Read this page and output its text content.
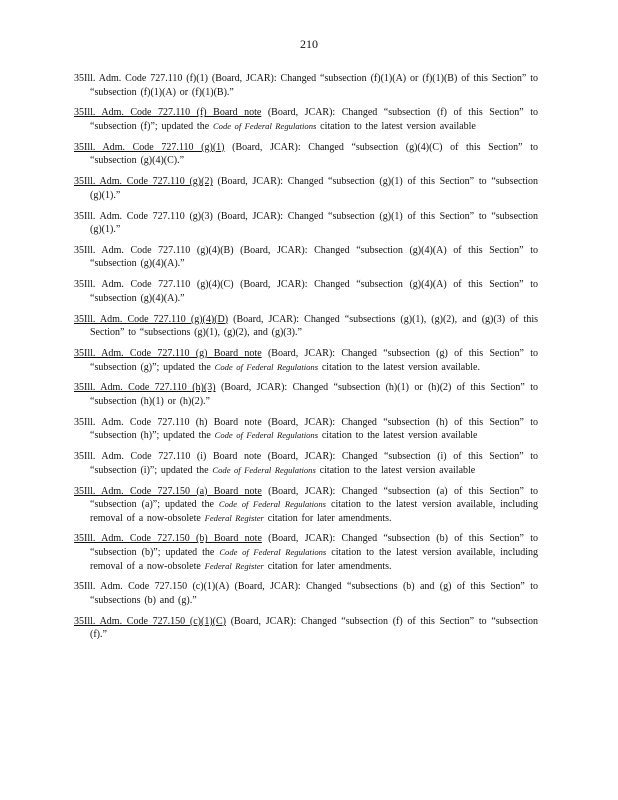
210

35Ill. Adm. Code 727.110 (f)(1) (Board, JCAR): Changed “subsection (f)(1)(A) or (f)(1)(B) of this Section” to “subsection (f)(1)(A) or (f)(1)(B).”

35Ill. Adm. Code 727.110 (f) Board note (Board, JCAR): Changed “subsection (f) of this Section” to “subsection (f)”; updated the Code of Federal Regulations citation to the latest version available

35Ill. Adm. Code 727.110 (g)(1) (Board, JCAR): Changed “subsection (g)(4)(C) of this Section” to “subsection (g)(4)(C).”

35Ill. Adm. Code 727.110 (g)(2) (Board, JCAR): Changed “subsection (g)(1) of this Section” to “subsection (g)(1).”

35Ill. Adm. Code 727.110 (g)(3) (Board, JCAR): Changed “subsection (g)(1) of this Section” to “subsection (g)(1).”

35Ill. Adm. Code 727.110 (g)(4)(B) (Board, JCAR): Changed “subsection (g)(4)(A) of this Section” to “subsection (g)(4)(A).”

35Ill. Adm. Code 727.110 (g)(4)(C) (Board, JCAR): Changed “subsection (g)(4)(A) of this Section” to “subsection (g)(4)(A).”

35Ill. Adm. Code 727.110 (g)(4)(D) (Board, JCAR): Changed “subsections (g)(1), (g)(2), and (g)(3) of this Section” to “subsections (g)(1), (g)(2), and (g)(3).”

35Ill. Adm. Code 727.110 (g) Board note (Board, JCAR): Changed “subsection (g) of this Section” to “subsection (g)”; updated the Code of Federal Regulations citation to the latest version available.

35Ill. Adm. Code 727.110 (h)(3) (Board, JCAR): Changed “subsection (h)(1) or (h)(2) of this Section” to “subsection (h)(1) or (h)(2).”

35Ill. Adm. Code 727.110 (h) Board note (Board, JCAR): Changed “subsection (h) of this Section” to “subsection (h)”; updated the Code of Federal Regulations citation to the latest version available

35Ill. Adm. Code 727.110 (i) Board note (Board, JCAR): Changed “subsection (i) of this Section” to “subsection (i)”; updated the Code of Federal Regulations citation to the latest version available

35Ill. Adm. Code 727.150 (a) Board note (Board, JCAR): Changed “subsection (a) of this Section” to “subsection (a)”; updated the Code of Federal Regulations citation to the latest version available, including removal of a now-obsolete Federal Register citation for later amendments.

35Ill. Adm. Code 727.150 (b) Board note (Board, JCAR): Changed “subsection (b) of this Section” to “subsection (b)”; updated the Code of Federal Regulations citation to the latest version available, including removal of a now-obsolete Federal Register citation for later amendments.

35Ill. Adm. Code 727.150 (c)(1)(A) (Board, JCAR): Changed “subsections (b) and (g) of this Section” to “subsections (b) and (g).”

35Ill. Adm. Code 727.150 (c)(1)(C) (Board, JCAR): Changed “subsection (f) of this Section” to “subsection (f).”
